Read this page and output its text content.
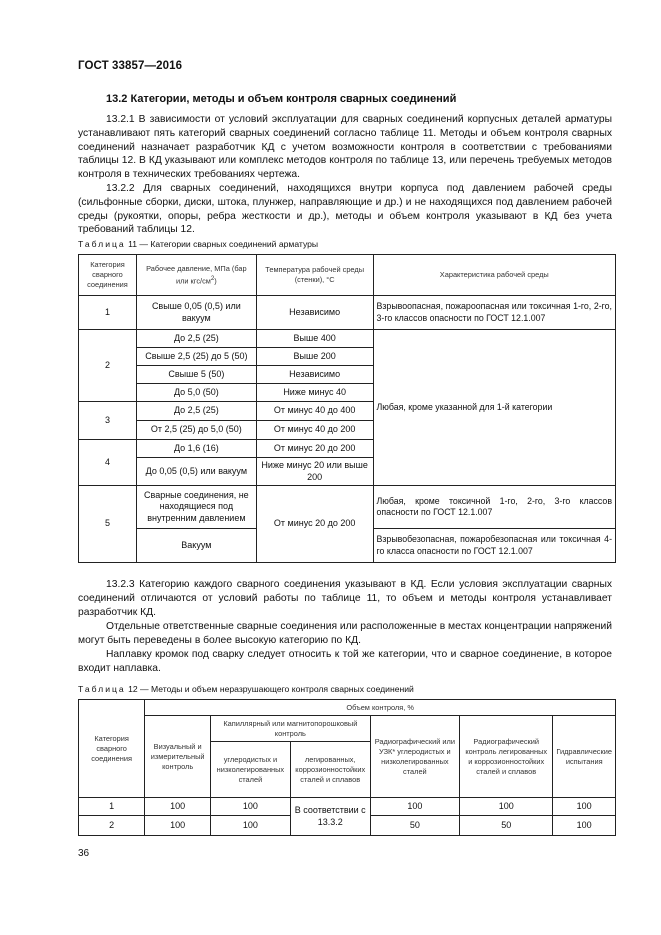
ГОСТ 33857—2016
13.2 Категории, методы и объем контроля сварных соединений

13.2.1 В зависимости от условий эксплуатации для сварных соединений корпусных деталей арматуры устанавливают пять категорий сварных соединений согласно таблице 11. Методы и объем контроля сварных соединений назначает разработчик КД с учетом возможности контроля в соответствии с требованиями таблицы 12. В КД указывают или комплекс методов контроля по таблице 13, или перечень требуемых методов контроля в технических требованиях чертежа.

13.2.2 Для сварных соединений, находящихся внутри корпуса под давлением рабочей среды (сильфонные сборки, диски, штока, плунжер, направляющие и др.) и не находящихся под давлением рабочей среды (рукоятки, опоры, ребра жесткости и др.), методы и объем контроля указывают в КД без учета требований таблицы 12.

Таблица 11 — Категории сварных соединений арматуры
Категория сварного соединения	Рабочее давление, МПа (бар или кгс/$см^2$)	Температура рабочей среды (стенки), °С	Характеристика рабочей среды
1	Свыше 0,05 (0,5) или вакуум	Независимо	Взрывоопасная, пожароопасная или токсичная 1-го, 2-го, 3-го классов опасности по ГОСТ 12.1.007
2	До 2,5 (25)	Выше 400	Любая, кроме указанной для 1-й категории
	Свыше 2,5 (25) до 5 (50)	Выше 200	
	Свыше 5 (50)	Независимо	
	До 5,0 (50)	Ниже минус 40	
3	До 2,5 (25)	От минус 40 до 400	
	От 2,5 (25) до 5,0 (50)	От минус 40 до 200	
4	До 1,6 (16)	От минус 20 до 200	
	До 0,05 (0,5) или вакуум	Ниже минус 20 или выше 200	
5	Сварные соединения, не находящиеся под внутренним давлением	От минус 20 до 200	Любая, кроме токсичной 1-го, 2-го, 3-го классов опасности по ГОСТ 12.1.007
	Вакуум		Взрывобезопасная, пожаробезопасная или токсичная 4-го класса опасности по ГОСТ 12.1.007

13.2.3 Категорию каждого сварного соединения указывают в КД. Если условия эксплуатации сварных соединений отличаются от условий работы по таблице 11, то объем и методы контроля устанавливает разработчик КД.

Отдельные ответственные сварные соединения или расположенные в местах концентрации напряжений могут быть переведены в более высокую категорию по КД.

Наплавку кромок под сварку следует относить к той же категории, что и сварное соединение, в которое входит наплавка.

Таблица 12 — Методы и объем неразрушающего контроля сварных соединений
Категория сварного соединения	Объем контроля, %					
	Визуальный и измерительный контроль	Капиллярный или магнитопорошковый контроль		Радиографический или УЗК* углеродистых и низколегированных сталей	Радиографический контроль легированных и коррозионностойких сталей и сплавов	Гидравлические испытания
		углеродистых и низколегированных сталей	легированных, коррозионностойких сталей и сплавов			
1	100	100	В соответствии с 13.3.2	100	100	100
2	100	100		50	50	100
36
